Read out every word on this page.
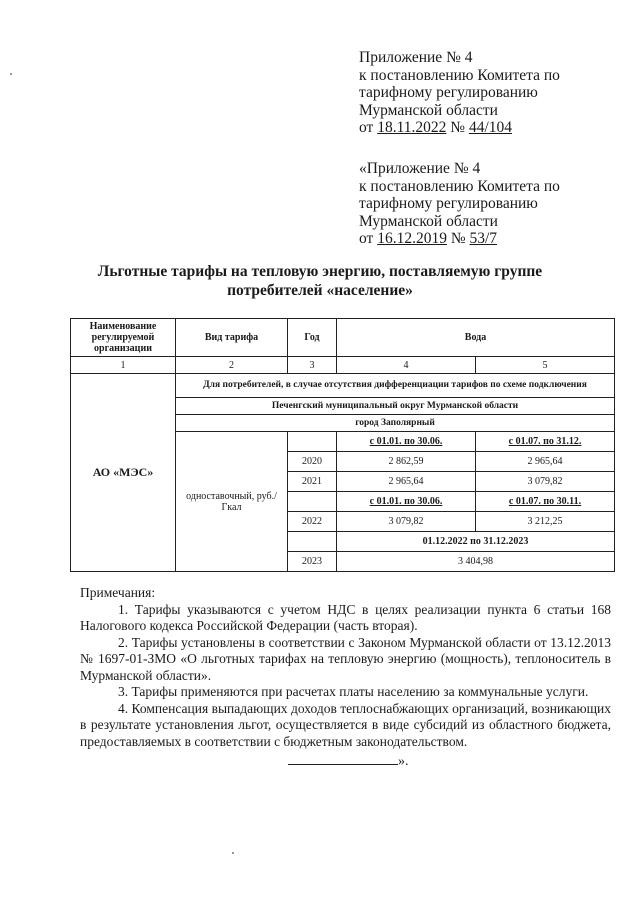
Приложение № 4
к постановлению Комитета по
тарифному регулированию
Мурманской области
от 18.11.2022 № 44/104
«Приложение № 4
к постановлению Комитета по
тарифному регулированию
Мурманской области
от 16.12.2019 № 53/7
Льготные тарифы на тепловую энергию, поставляемую группе
потребителей «население»
Наименование регулируемой организации	Вид тарифа	Год	Вода	
1	2	3	4	5
АО «МЭС»	Для потребителей, в случае отсутствия дифференциации тарифов по схеме подключения			
	Печенгский муниципальный округ Мурманской области			
	город Заполярный			
	одноставочный, руб./Гкал		с 01.01. по 30.06.	с 01.07. по 31.12.
		2020	2 862,59	2 965,64
		2021	2 965,64	3 079,82
			с 01.01. по 30.06.	с 01.07. по 30.11.
		2022	3 079,82	3 212,25
			01.12.2022 по 31.12.2023	
		2023	3 404,98	

Примечания:

1. Тарифы указываются с учетом НДС в целях реализации пункта 6 статьи 168 Налогового кодекса Российской Федерации (часть вторая).

2. Тарифы установлены в соответствии с Законом Мурманской области от 13.12.2013 № 1697-01-ЗМО «О льготных тарифах на тепловую энергию (мощность), теплоноситель в Мурманской области».

3. Тарифы применяются при расчетах платы населению за коммунальные услуги.

4. Компенсация выпадающих доходов теплоснабжающих организаций, возникающих в результате установления льгот, осуществляется в виде субсидий из областного бюджета, предоставляемых в соответствии с бюджетным законодательством.

».
